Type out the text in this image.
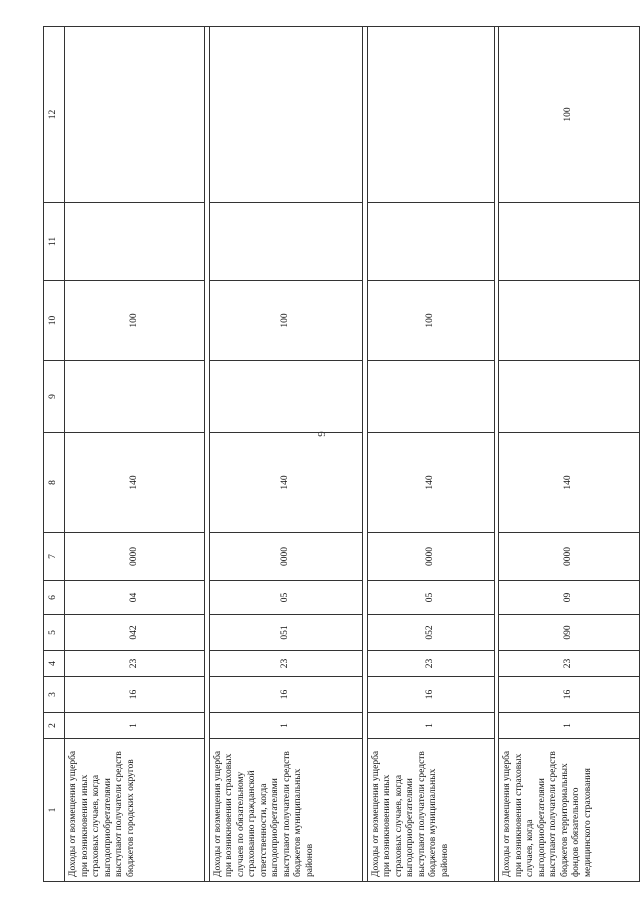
9
1	2	3	4	5	6	7	8	9	10	11	12
Доходы от возмещения ущерба при возникновении иных страховых случаев, когда выгодоприобретателями выступают получатели средств бюджетов городских округов	1	16	23	042	04	0000	140		100		

Доходы от возмещения ущерба при возникновении страховых случаев по обязательному страхованию гражданской ответственности, когда выгодоприобретателями выступают получатели средств бюджетов муниципальных районов	1	16	23	051	05	0000	140		100		

Доходы от возмещения ущерба при возникновении иных страховых случаев, когда выгодоприобретателями выступают получатели средств бюджетов муниципальных районов	1	16	23	052	05	0000	140		100		

Доходы от возмещения ущерба при возникновении страховых случаев, когда выгодоприобретателями выступают получатели средств бюджетов территориальных фондов обязательного медицинского страхования	1	16	23	090	09	0000	140				100
